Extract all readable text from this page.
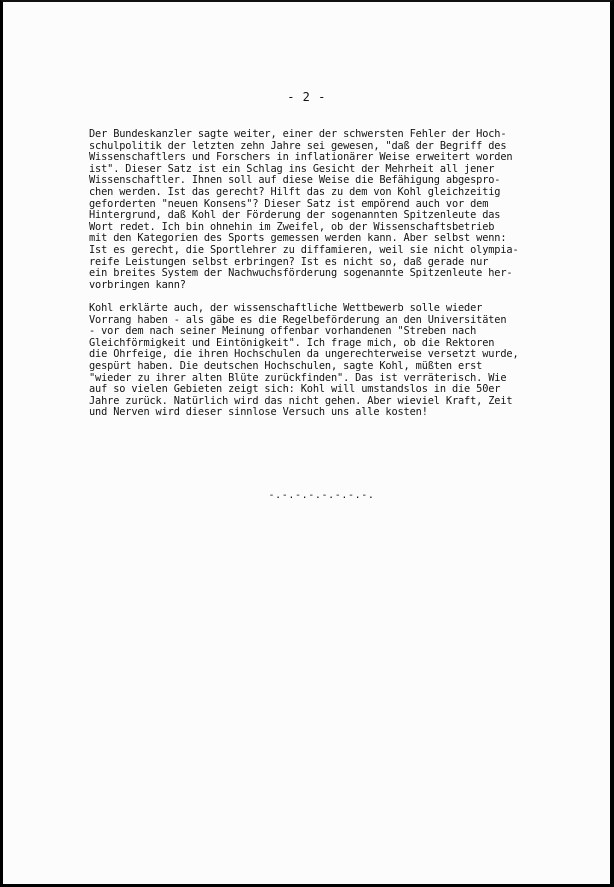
- 2 -
Der Bundeskanzler sagte weiter, einer der schwersten Fehler der Hoch-
schulpolitik der letzten zehn Jahre sei gewesen, "daß der Begriff des
Wissenschaftlers und Forschers in inflationärer Weise erweitert worden
ist". Dieser Satz ist ein Schlag ins Gesicht der Mehrheit all jener
Wissenschaftler. Ihnen soll auf diese Weise die Befähigung abgespro-
chen werden. Ist das gerecht? Hilft das zu dem von Kohl gleichzeitig
geforderten "neuen Konsens"? Dieser Satz ist empörend auch vor dem
Hintergrund, daß Kohl der Förderung der sogenannten Spitzenleute das
Wort redet. Ich bin ohnehin im Zweifel, ob der Wissenschaftsbetrieb
mit den Kategorien des Sports gemessen werden kann. Aber selbst wenn:
Ist es gerecht, die Sportlehrer zu diffamieren, weil sie nicht olympia-
reife Leistungen selbst erbringen? Ist es nicht so, daß gerade nur
ein breites System der Nachwuchsförderung sogenannte Spitzenleute her-
vorbringen kann?
Kohl erklärte auch, der wissenschaftliche Wettbewerb solle wieder
Vorrang haben - als gäbe es die Regelbeförderung an den Universitäten
- vor dem nach seiner Meinung offenbar vorhandenen "Streben nach
Gleichförmigkeit und Eintönigkeit". Ich frage mich, ob die Rektoren
die Ohrfeige, die ihren Hochschulen da ungerechterweise versetzt wurde,
gespürt haben. Die deutschen Hochschulen, sagte Kohl, müßten erst
"wieder zu ihrer alten Blüte zurückfinden". Das ist verräterisch. Wie
auf so vielen Gebieten zeigt sich: Kohl will umstandslos in die 50er
Jahre zurück. Natürlich wird das nicht gehen. Aber wieviel Kraft, Zeit
und Nerven wird dieser sinnlose Versuch uns alle kosten!
-.-.-.-.-.-.-.-.
